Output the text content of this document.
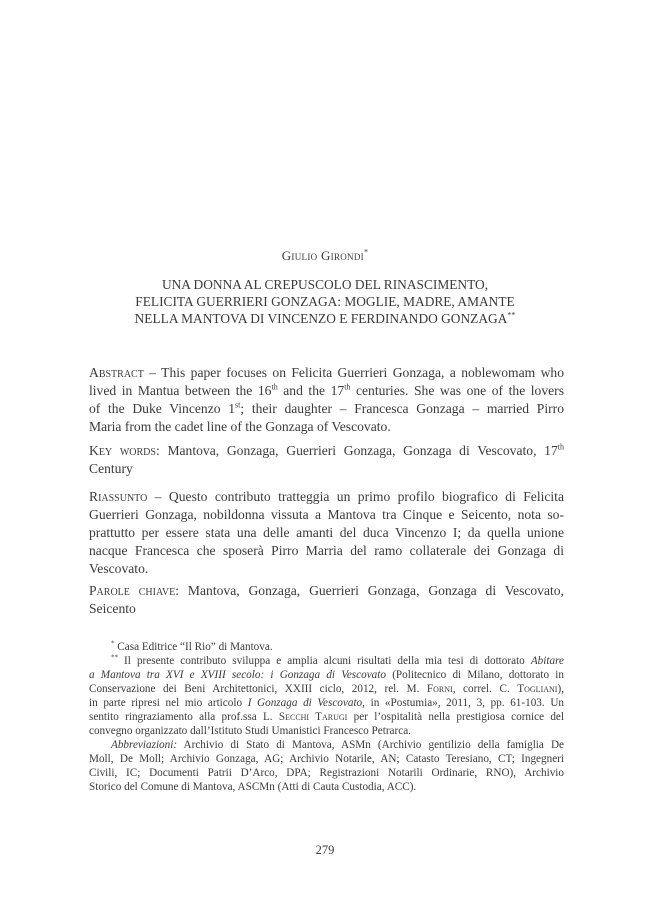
Giulio Girondi*
UNA DONNA AL CREPUSCOLO DEL RINASCIMENTO,
FELICITA GUERRIERI GONZAGA: MOGLIE, MADRE, AMANTE
NELLA MANTOVA DI VINCENZO E FERDINANDO GONZAGA**
Abstract – This paper focuses on Felicita Guerrieri Gonzaga, a noblewomam who
lived in Mantua between the 16th and the 17th centuries. She was one of the lovers
of the Duke Vincenzo 1st; their daughter – Francesca Gonzaga – married Pirro
Maria from the cadet line of the Gonzaga of Vescovato.
Key words: Mantova, Gonzaga, Guerrieri Gonzaga, Gonzaga di Vescovato, 17th
Century
Riassunto – Questo contributo tratteggia un primo profilo biografico di Felicita
Guerrieri Gonzaga, nobildonna vissuta a Mantova tra Cinque e Seicento, nota so-
prattutto per essere stata una delle amanti del duca Vincenzo I; da quella unione
nacque Francesca che sposerà Pirro Marria del ramo collaterale dei Gonzaga di
Vescovato.
Parole chiave: Mantova, Gonzaga, Guerrieri Gonzaga, Gonzaga di Vescovato,
Seicento
* Casa Editrice “Il Rio” di Mantova.
** Il presente contributo sviluppa e amplia alcuni risultati della mia tesi di dottorato Abitare
a Mantova tra XVI e XVIII secolo: i Gonzaga di Vescovato (Politecnico di Milano, dottorato in
Conservazione dei Beni Architettonici, XXIII ciclo, 2012, rel. M. Forni, correl. C. Togliani),
in parte ripresi nel mio articolo I Gonzaga di Vescovato, in «Postumia», 2011, 3, pp. 61-103. Un
sentito ringraziamento alla prof.ssa L. Secchi Tarugi per l’ospitalità nella prestigiosa cornice del
convegno organizzato dall’Istituto Studi Umanistici Francesco Petrarca.
Abbreviazioni: Archivio di Stato di Mantova, ASMn (Archivio gentilizio della famiglia De
Moll, De Moll; Archivio Gonzaga, AG; Archivio Notarile, AN; Catasto Teresiano, CT; Ingegneri
Civili, IC; Documenti Patrii D’Arco, DPA; Registrazioni Notarili Ordinarie, RNO), Archivio
Storico del Comune di Mantova, ASCMn (Atti di Cauta Custodia, ACC).
279
